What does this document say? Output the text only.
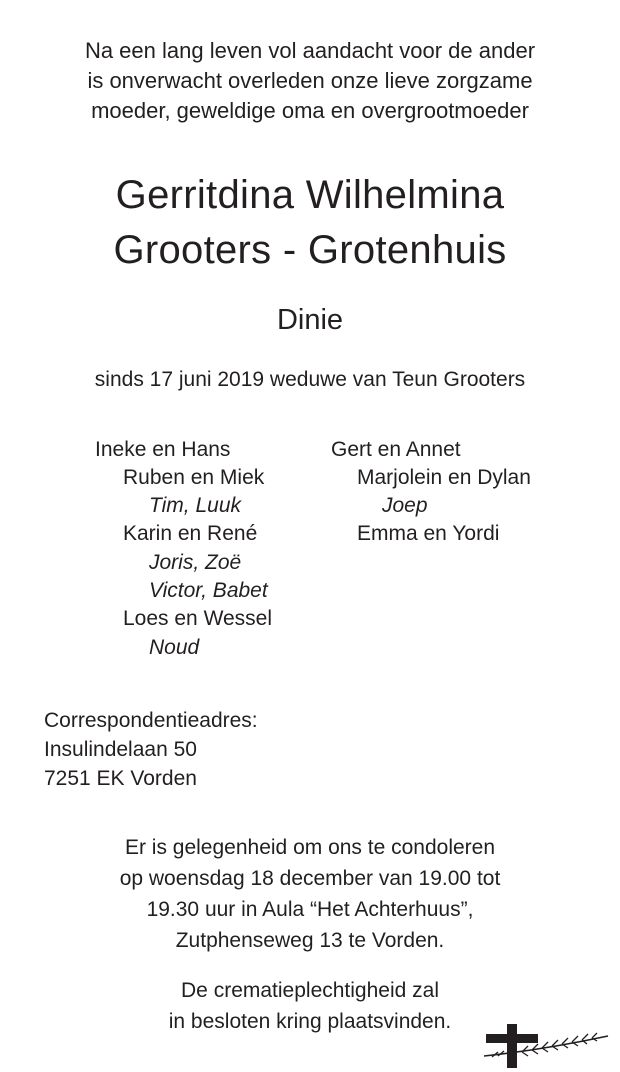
Na een lang leven vol aandacht voor de ander
is onverwacht overleden onze lieve zorgzame
moeder, geweldige oma en overgrootmoeder
Gerritdina Wilhelmina
Grooters - Grotenhuis
Dinie
sinds 17 juni 2019 weduwe van Teun Grooters
Ineke en Hans
Ruben en Miek
Tim, Luuk
Karin en René
Joris, Zoë
Victor, Babet
Loes en Wessel
Noud
Gert en Annet
Marjolein en Dylan
Joep
Emma en Yordi
Correspondentieadres:
Insulindelaan 50
7251 EK Vorden
Er is gelegenheid om ons te condoleren
op woensdag 18 december van 19.00 tot
19.30 uur in Aula “Het Achterhuus”,
Zutphenseweg 13 te Vorden.
De crematieplechtigheid zal
in besloten kring plaatsvinden.
